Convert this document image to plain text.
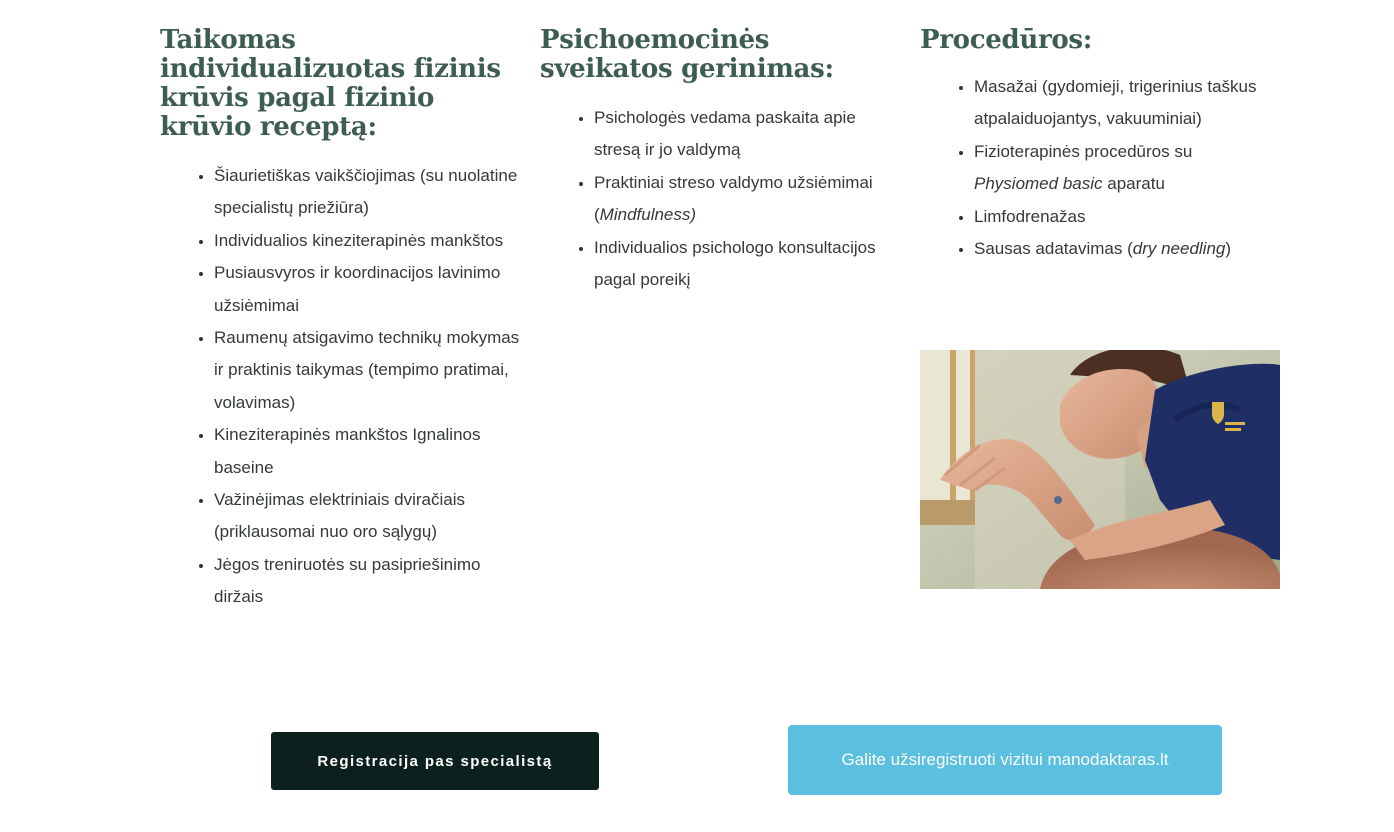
Taikomas individualizuotas fizinis krūvis pagal fizinio krūvio receptą:
• Šiaurietiškas vaikščiojimas (su nuolatine specialistų priežiūra)
• Individualios kineziterapinės mankštos
• Pusiausvyros ir koordinacijos lavinimo užsiėmimai
• Raumenų atsigavimo technikų mokymas ir praktinis taikymas (tempimo pratimai, volavimas)
• Kineziterapinės mankštos Ignalinos baseine
• Važinėjimas elektriniais dviračiais (priklausomai nuo oro sąlygų)
• Jėgos treniruotės su pasipriešinimo diržais
Psichoemocinės sveikatos gerinimas:
• Psichologės vedama paskaita apie stresą ir jo valdymą
• Praktiniai streso valdymo užsiėmimai (Mindfulness)
• Individualios psichologo konsultacijos pagal poreikį
Procedūros:
• Masažai (gydomieji, trigerinius taškus atpalaiduojantys, vakuuminiai)
• Fizioterapinės procedūros su Physiomed basic aparatu
• Limfodrenažas
• Sausas adatavimas (dry needling)
Registracija pas specialistą	Galite užsiregistruoti vizitui manodaktaras.lt
